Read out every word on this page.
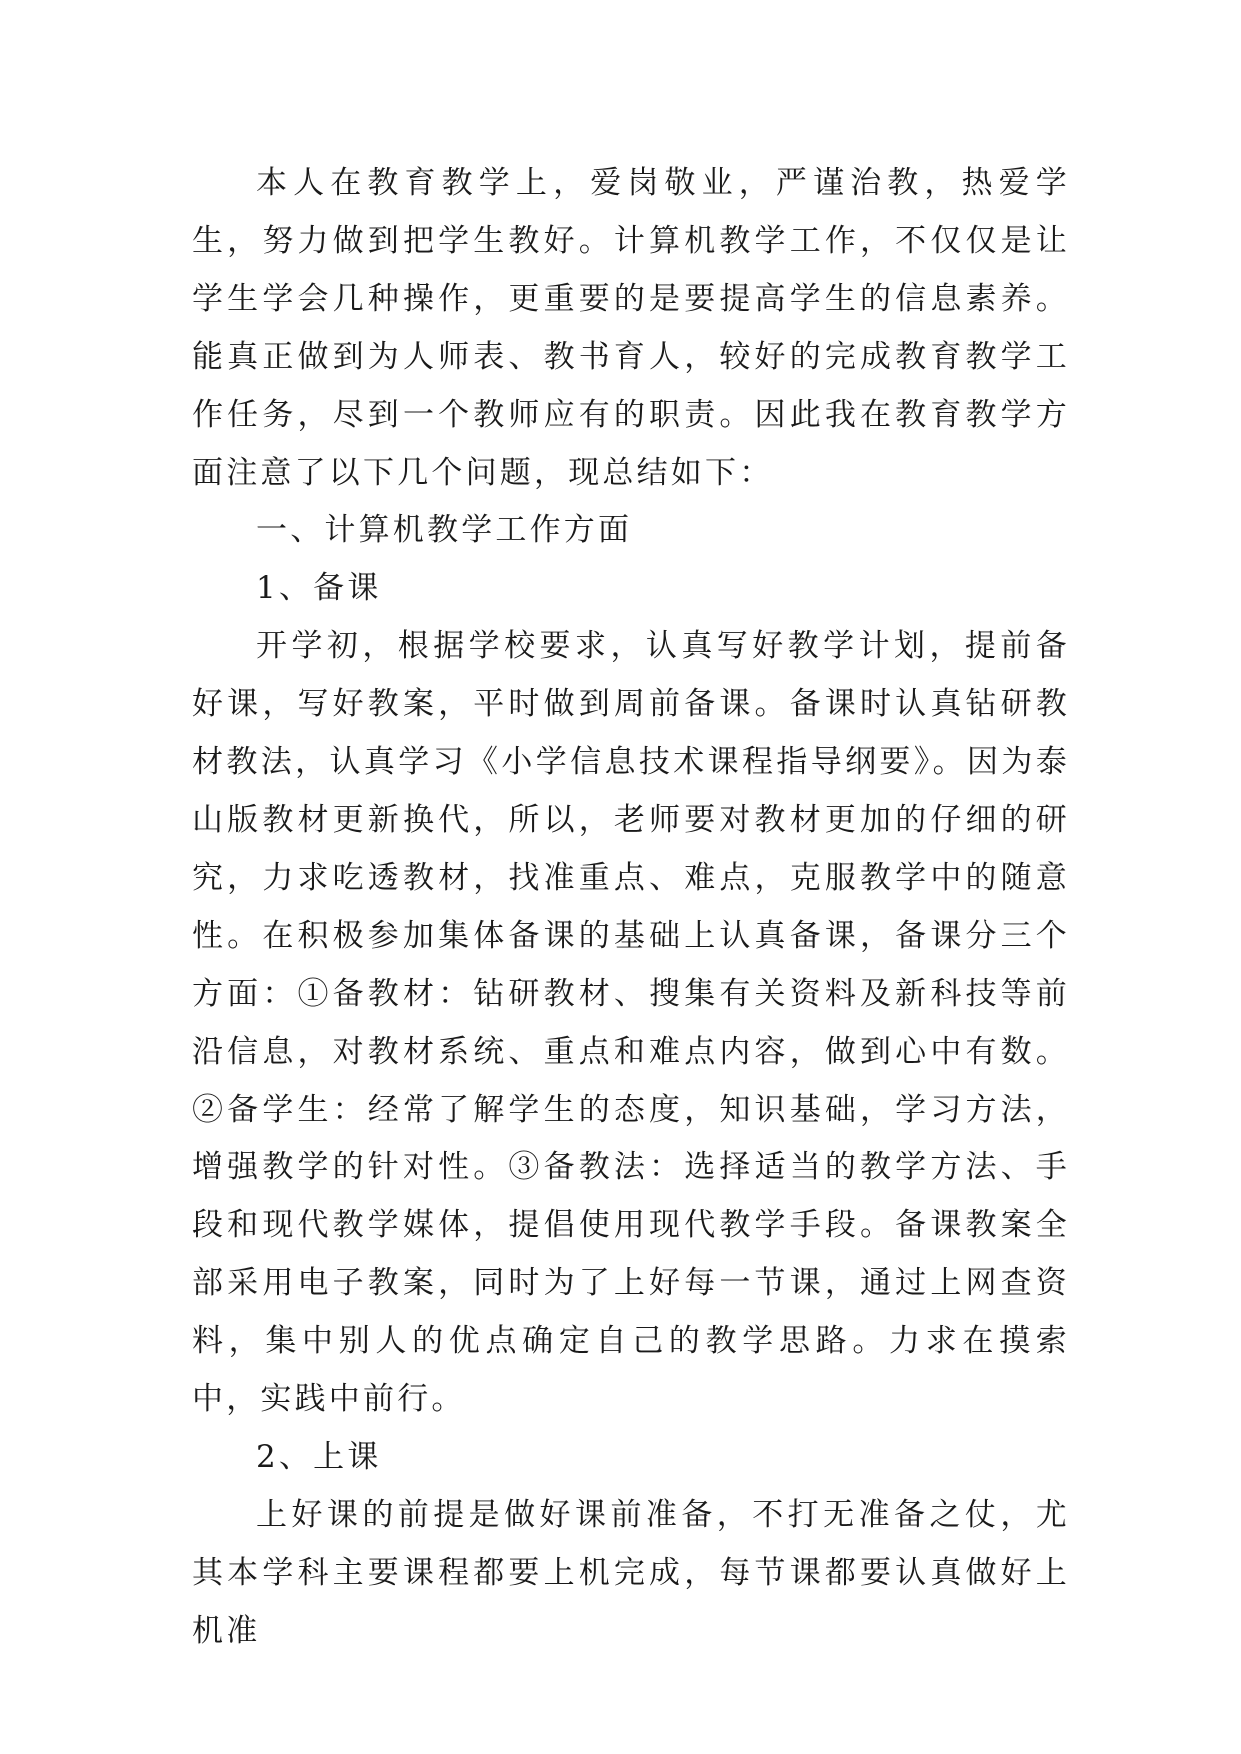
本人在教育教学上，爱岗敬业，严谨治教，热爱学生，努力做到把学生教好。计算机教学工作，不仅仅是让学生学会几种操作，更重要的是要提高学生的信息素养。能真正做到为人师表、教书育人，较好的完成教育教学工作任务，尽到一个教师应有的职责。因此我在教育教学方面注意了以下几个问题，现总结如下：

一、计算机教学工作方面

1、备课

开学初，根据学校要求，认真写好教学计划，提前备好课，写好教案，平时做到周前备课。备课时认真钻研教材教法，认真学习《小学信息技术课程指导纲要》。因为泰山版教材更新换代，所以，老师要对教材更加的仔细的研究，力求吃透教材，找准重点、难点，克服教学中的随意性。在积极参加集体备课的基础上认真备课，备课分三个方面：①备教材：钻研教材、搜集有关资料及新科技等前沿信息，对教材系统、重点和难点内容，做到心中有数。②备学生：经常了解学生的态度，知识基础，学习方法，增强教学的针对性。③备教法：选择适当的教学方法、手段和现代教学媒体，提倡使用现代教学手段。备课教案全部采用电子教案，同时为了上好每一节课，通过上网查资料，集中别人的优点确定自己的教学思路。力求在摸索中，实践中前行。

2、上课

上好课的前提是做好课前准备，不打无准备之仗，尤其本学科主要课程都要上机完成，每节课都要认真做好上机准
